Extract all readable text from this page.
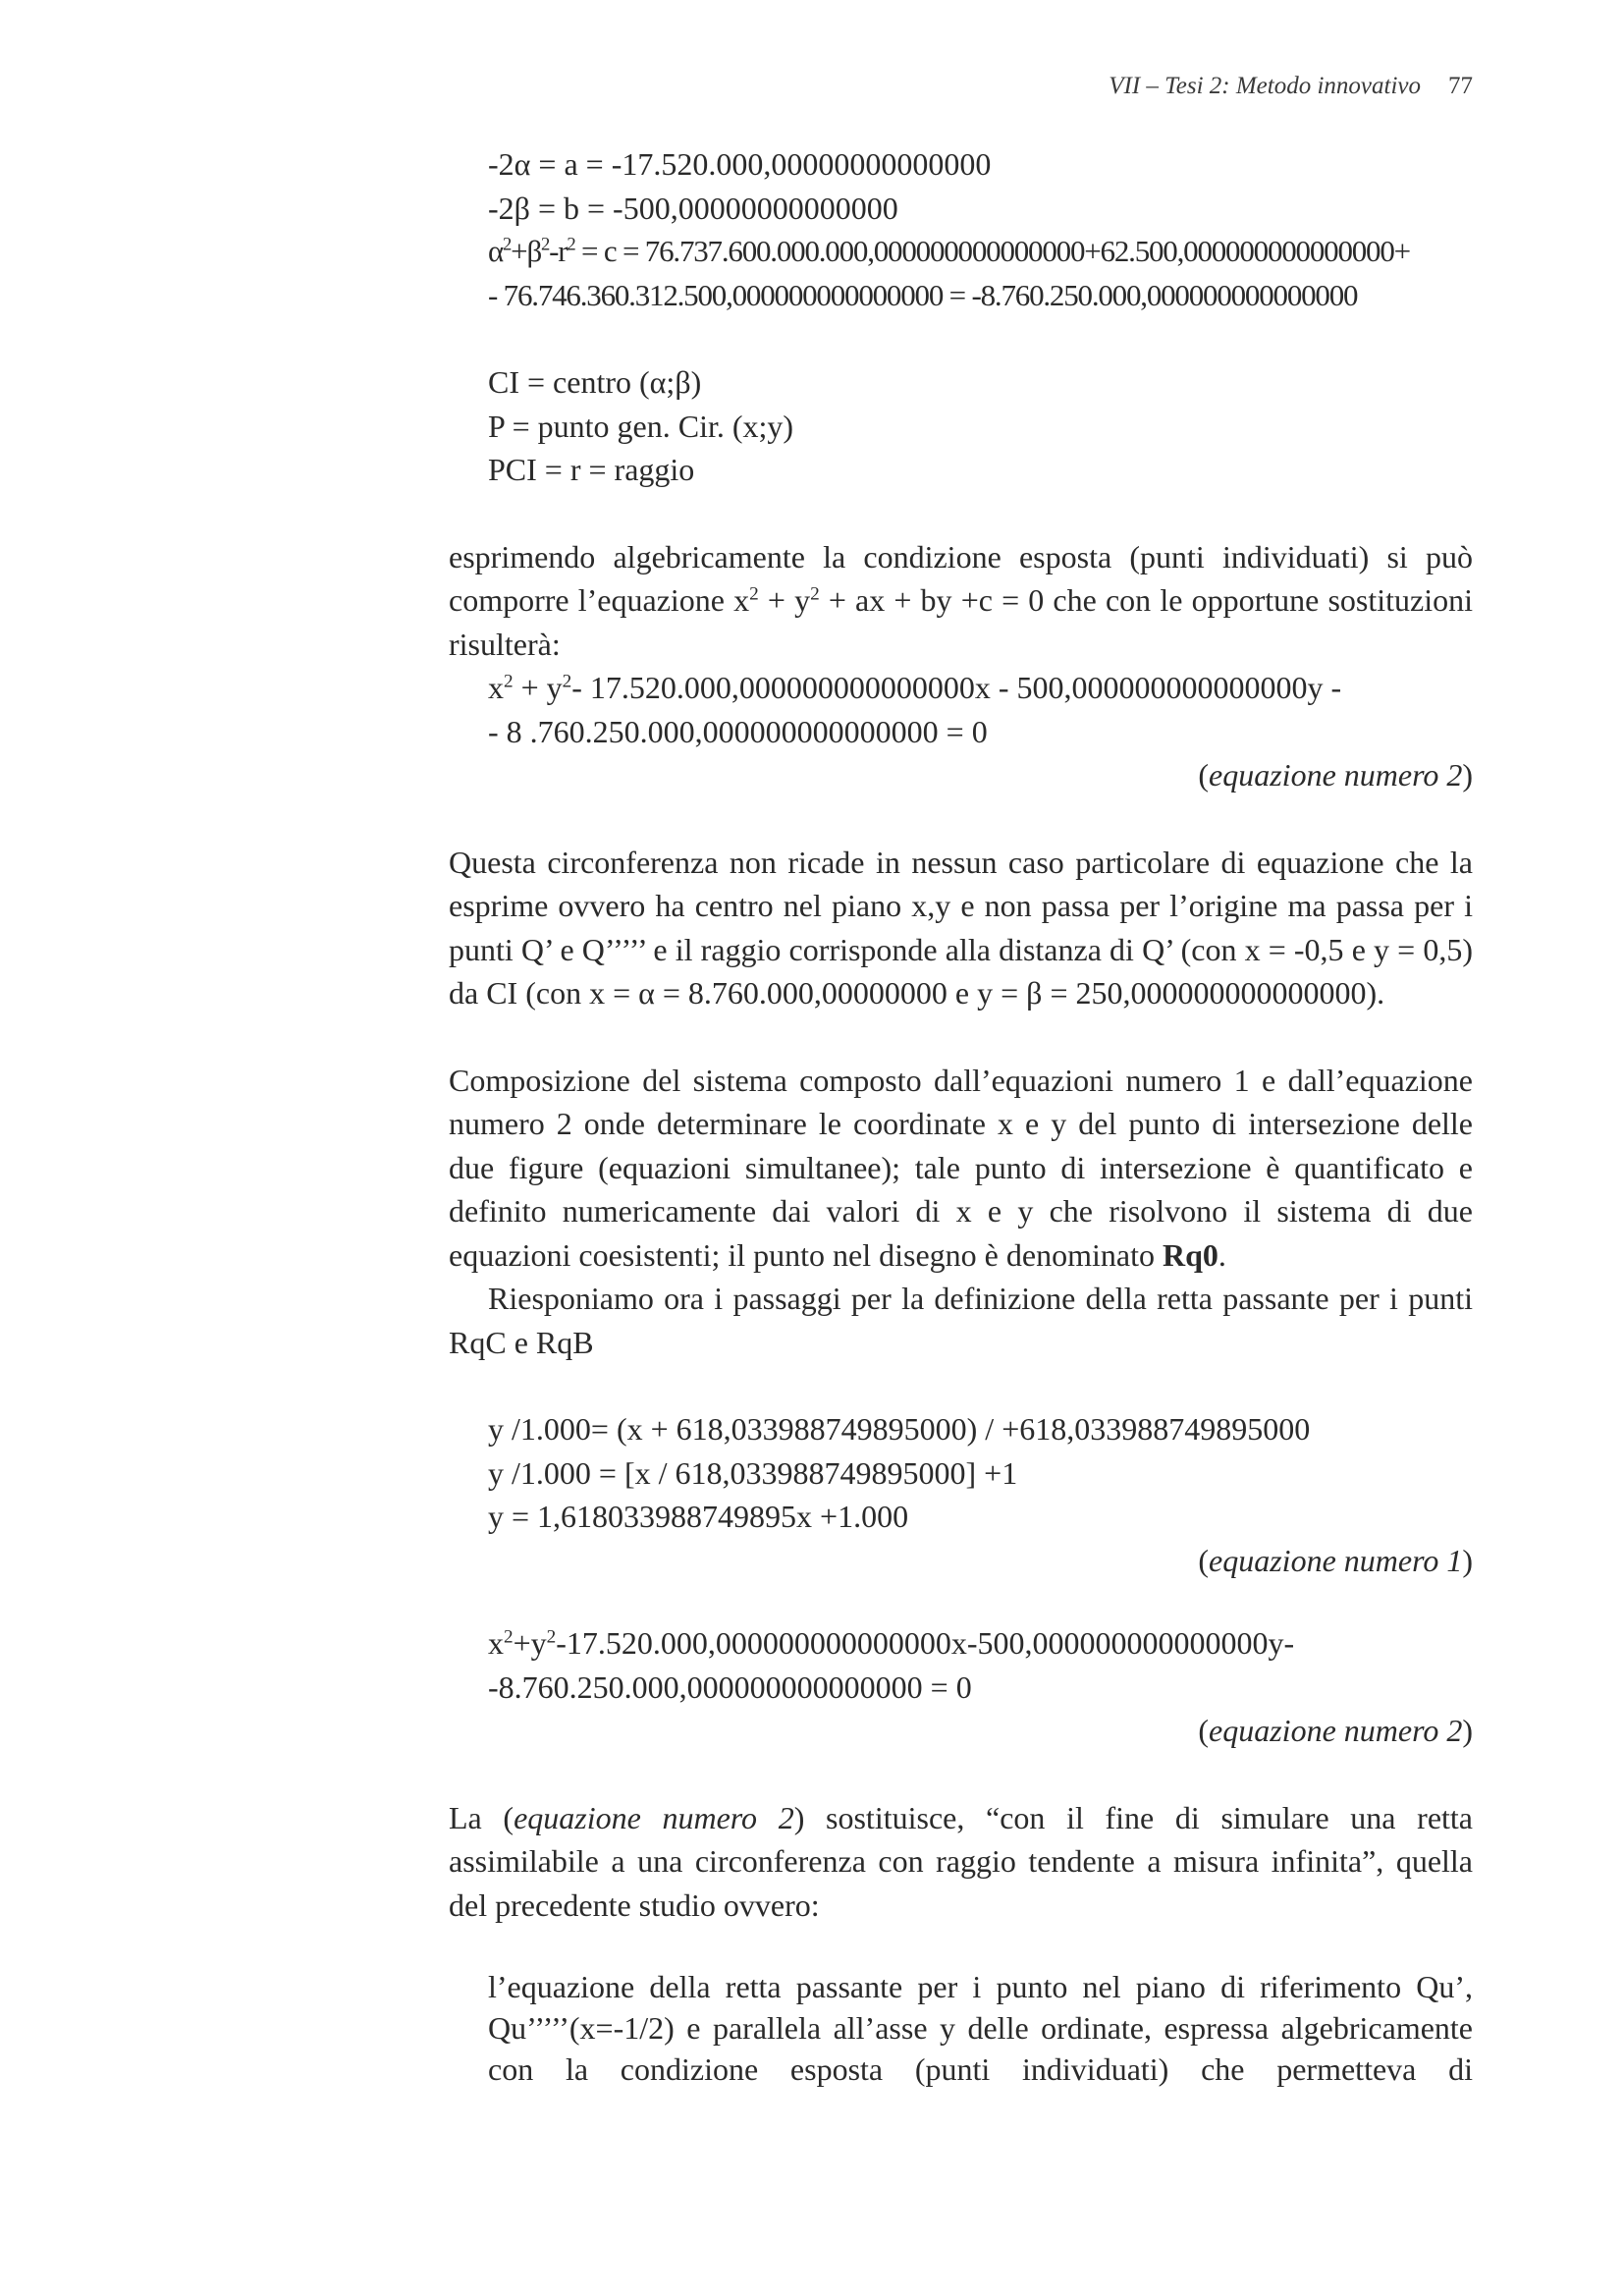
VII – Tesi 2: Metodo innovativo 77
-2α = a = -17.520.000,00000000000000
-2β = b = -500,00000000000000
$\alpha^2+\beta^2-r^2 = c = 76.737.600.000.000,000000000000000+62.500,000000000000000+$
- 76.746.360.312.500,000000000000000 = -8.760.250.000,000000000000000
CI = centro (α;β)
P = punto gen. Cir. (x;y)
PCI = r = raggio
esprimendo algebricamente la condizione esposta (punti individuati) si può comporre l’equazione $x^2 + y^2$ + ax + by +c = 0 che con le opportune sostituzioni risulterà:
$x^2 + y^2-$ 17.520.000,000000000000000x - 500,000000000000000y -
- 8 .760.250.000,000000000000000 = 0
(equazione numero 2)
Questa circonferenza non ricade in nessun caso particolare di equazione che la esprime ovvero ha centro nel piano x,y e non passa per l’origine ma passa per i punti Q’ e Q’’’’’ e il raggio corrisponde alla distanza di Q’ (con x = -0,5 e y = 0,5) da CI (con x = α = 8.760.000,00000000 e y = β = 250,000000000000000).
Composizione del sistema composto dall’equazioni numero 1 e dall’equazione numero 2 onde determinare le coordinate x e y del punto di intersezione delle due figure (equazioni simultanee); tale punto di intersezione è quantificato e definito numericamente dai valori di x e y che risolvono il sistema di due equazioni coesistenti; il punto nel disegno è denominato Rq0.
Riesponiamo ora i passaggi per la definizione della retta passante per i punti RqC e RqB
y /1.000= (x + 618,033988749895000) / +618,033988749895000
y /1.000 = [x / 618,033988749895000] +1
y = 1,618033988749895x +1.000
(equazione numero 1)
$x^2+y^2-17.520.000,000000000000000x-500,000000000000000y-$
-8.760.250.000,000000000000000 = 0
(equazione numero 2)
La (equazione numero 2) sostituisce, “con il fine di simulare una retta assimilabile a una circonferenza con raggio tendente a misura infinita”, quella del precedente studio ovvero:
l’equazione della retta passante per i punto nel piano di riferimento Qu’,
Qu’’’’’(x=-1/2) e parallela all’asse y delle ordinate, espressa algebricamente
con la condizione esposta (punti individuati) che permetteva di
